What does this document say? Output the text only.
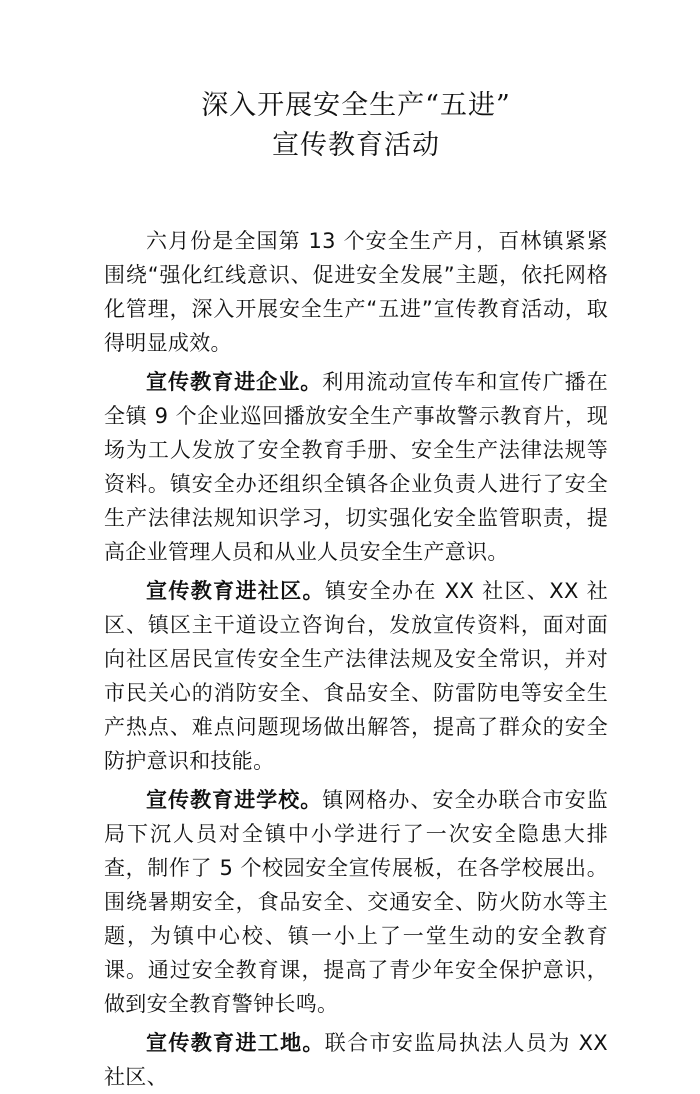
深入开展安全生产“五进”
宣传教育活动

六月份是全国第 13 个安全生产月，百林镇紧紧围绕“强化红线意识、促进安全发展”主题，依托网格化管理，深入开展安全生产“五进”宣传教育活动，取得明显成效。

宣传教育进企业。利用流动宣传车和宣传广播在全镇 9 个企业巡回播放安全生产事故警示教育片，现场为工人发放了安全教育手册、安全生产法律法规等资料。镇安全办还组织全镇各企业负责人进行了安全生产法律法规知识学习，切实强化安全监管职责，提高企业管理人员和从业人员安全生产意识。

宣传教育进社区。镇安全办在 XX 社区、XX 社区、镇区主干道设立咨询台，发放宣传资料，面对面向社区居民宣传安全生产法律法规及安全常识，并对市民关心的消防安全、食品安全、防雷防电等安全生产热点、难点问题现场做出解答，提高了群众的安全防护意识和技能。

宣传教育进学校。镇网格办、安全办联合市安监局下沉人员对全镇中小学进行了一次安全隐患大排查，制作了 5 个校园安全宣传展板，在各学校展出。围绕暑期安全，食品安全、交通安全、防火防水等主题，为镇中心校、镇一小上了一堂生动的安全教育课。通过安全教育课，提高了青少年安全保护意识，做到安全教育警钟长鸣。

宣传教育进工地。联合市安监局执法人员为 XX 社区、
